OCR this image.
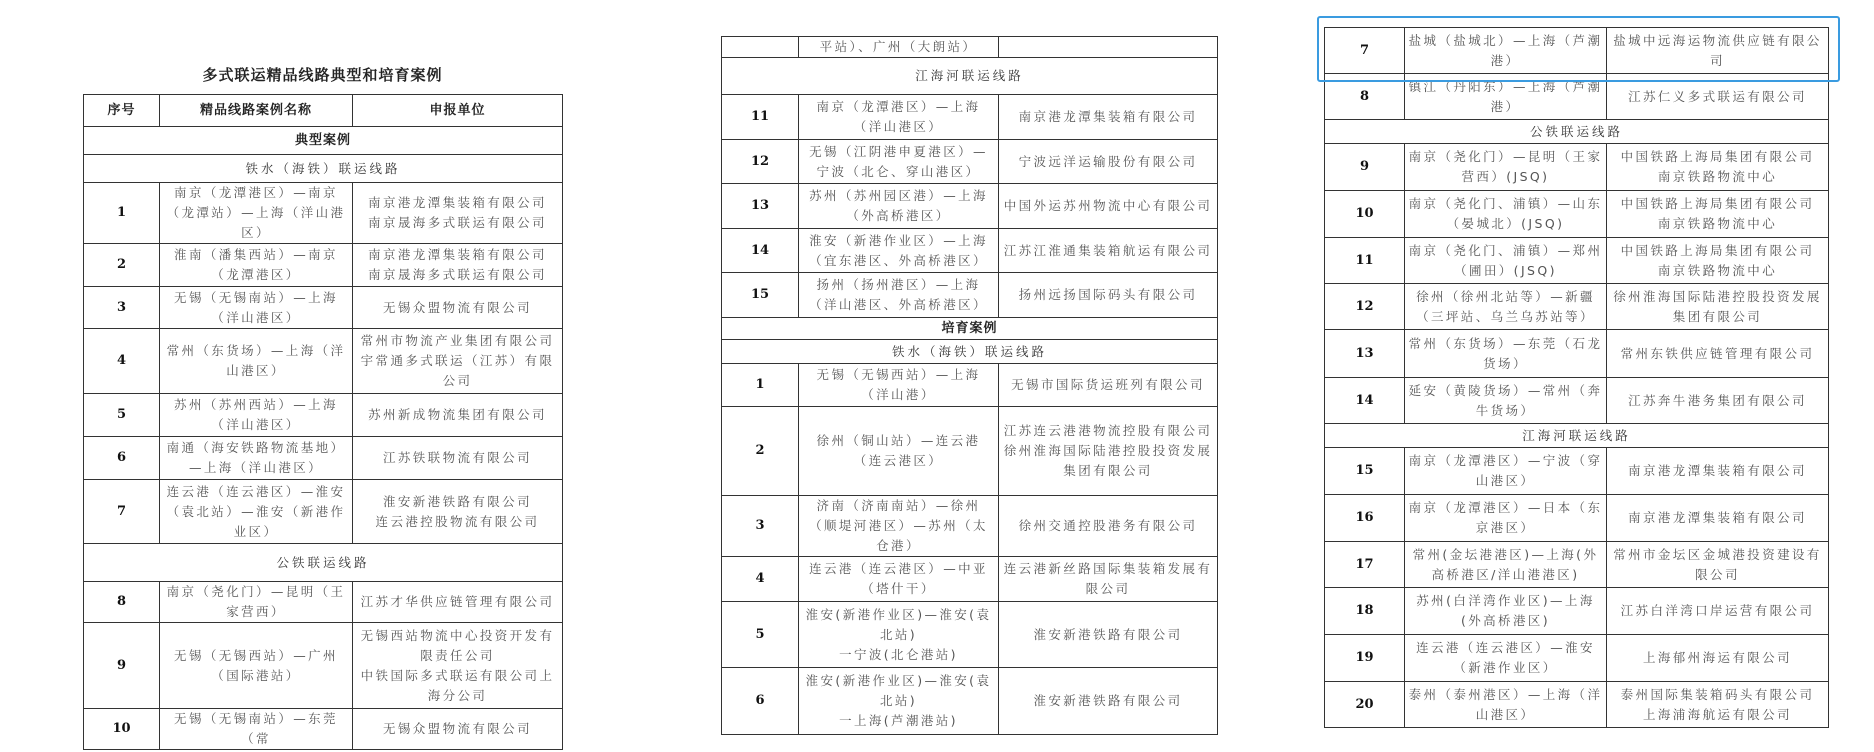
多式联运精品线路典型和培育案例
序号	精品线路案例名称	申报单位
典型案例		
铁水（海铁）联运线路		
1	南京（龙潭港区）—南京（龙潭站）—上海（洋山港区）	南京港龙潭集装箱有限公司
南京晟海多式联运有限公司
2	淮南（潘集西站）—南京（龙潭港区）	南京港龙潭集装箱有限公司
南京晟海多式联运有限公司
3	无锡（无锡南站）—上海（洋山港区）	无锡众盟物流有限公司
4	常州（东货场）—上海（洋山港区）	常州市物流产业集团有限公司
宇常通多式联运（江苏）有限公司
5	苏州（苏州西站）—上海（洋山港区）	苏州新成物流集团有限公司
6	南通（海安铁路物流基地）—上海（洋山港区）	江苏铁联物流有限公司
7	连云港（连云港区）—淮安（袁北站）—淮安（新港作业区）	淮安新港铁路有限公司
连云港控股物流有限公司
公铁联运线路		
8	南京（尧化门）—昆明（王家营西）	江苏才华供应链管理有限公司
9	无锡（无锡西站）—广州（国际港站）	无锡西站物流中心投资开发有限责任公司
中铁国际多式联运有限公司上海分公司
10	无锡（无锡南站）—东莞（常	无锡众盟物流有限公司
	平站）、广州（大朗站）	
江海河联运线路		
11	南京（龙潭港区）—上海（洋山港区）	南京港龙潭集装箱有限公司
12	无锡（江阴港申夏港区）—宁波（北仑、穿山港区）	宁波远洋运输股份有限公司
13	苏州（苏州园区港）—上海（外高桥港区）	中国外运苏州物流中心有限公司
14	淮安（新港作业区）—上海（宜东港区、外高桥港区）	江苏江淮通集装箱航运有限公司
15	扬州（扬州港区）—上海（洋山港区、外高桥港区）	扬州远扬国际码头有限公司
培育案例		
铁水（海铁）联运线路		
1	无锡（无锡西站）—上海（洋山港）	无锡市国际货运班列有限公司
2	徐州（铜山站）—连云港（连云港区）	江苏连云港港物流控股有限公司
徐州淮海国际陆港控股投资发展集团有限公司
3	济南（济南南站）—徐州（顺堤河港区）—苏州（太仓港）	徐州交通控股港务有限公司
4	连云港（连云港区）—中亚（塔什干）	连云港新丝路国际集装箱发展有限公司
5	淮安(新港作业区)—淮安(袁北站)
一宁波(北仑港站)	淮安新港铁路有限公司
6	淮安(新港作业区)—淮安(袁北站)
一上海(芦潮港站)	淮安新港铁路有限公司
7	盐城（盐城北）—上海（芦潮港）	盐城中远海运物流供应链有限公司
8	镇江（丹阳东）—上海（芦潮港）	江苏仁义多式联运有限公司
公铁联运线路		
9	南京（尧化门）—昆明（王家营西）(JSQ)	中国铁路上海局集团有限公司
南京铁路物流中心
10	南京（尧化门、浦镇）—山东（晏城北）(JSQ)	中国铁路上海局集团有限公司
南京铁路物流中心
11	南京（尧化门、浦镇）—郑州（圃田）(JSQ)	中国铁路上海局集团有限公司
南京铁路物流中心
12	徐州（徐州北站等）—新疆（三坪站、乌兰乌苏站等）	徐州淮海国际陆港控股投资发展集团有限公司
13	常州（东货场）—东莞（石龙货场）	常州东铁供应链管理有限公司
14	延安（黄陵货场）—常州（奔牛货场）	江苏奔牛港务集团有限公司
江海河联运线路		
15	南京（龙潭港区）—宁波（穿山港区）	南京港龙潭集装箱有限公司
16	南京（龙潭港区）—日本（东京港区）	南京港龙潭集装箱有限公司
17	常州(金坛港港区)—上海(外高桥港区/洋山港港区)	常州市金坛区金城港投资建设有限公司
18	苏州(白洋湾作业区)—上海(外高桥港区)	江苏白洋湾口岸运营有限公司
19	连云港（连云港区）—淮安（新港作业区）	上海郁州海运有限公司
20	泰州（泰州港区）—上海（洋山港区）	泰州国际集装箱码头有限公司
上海浦海航运有限公司
